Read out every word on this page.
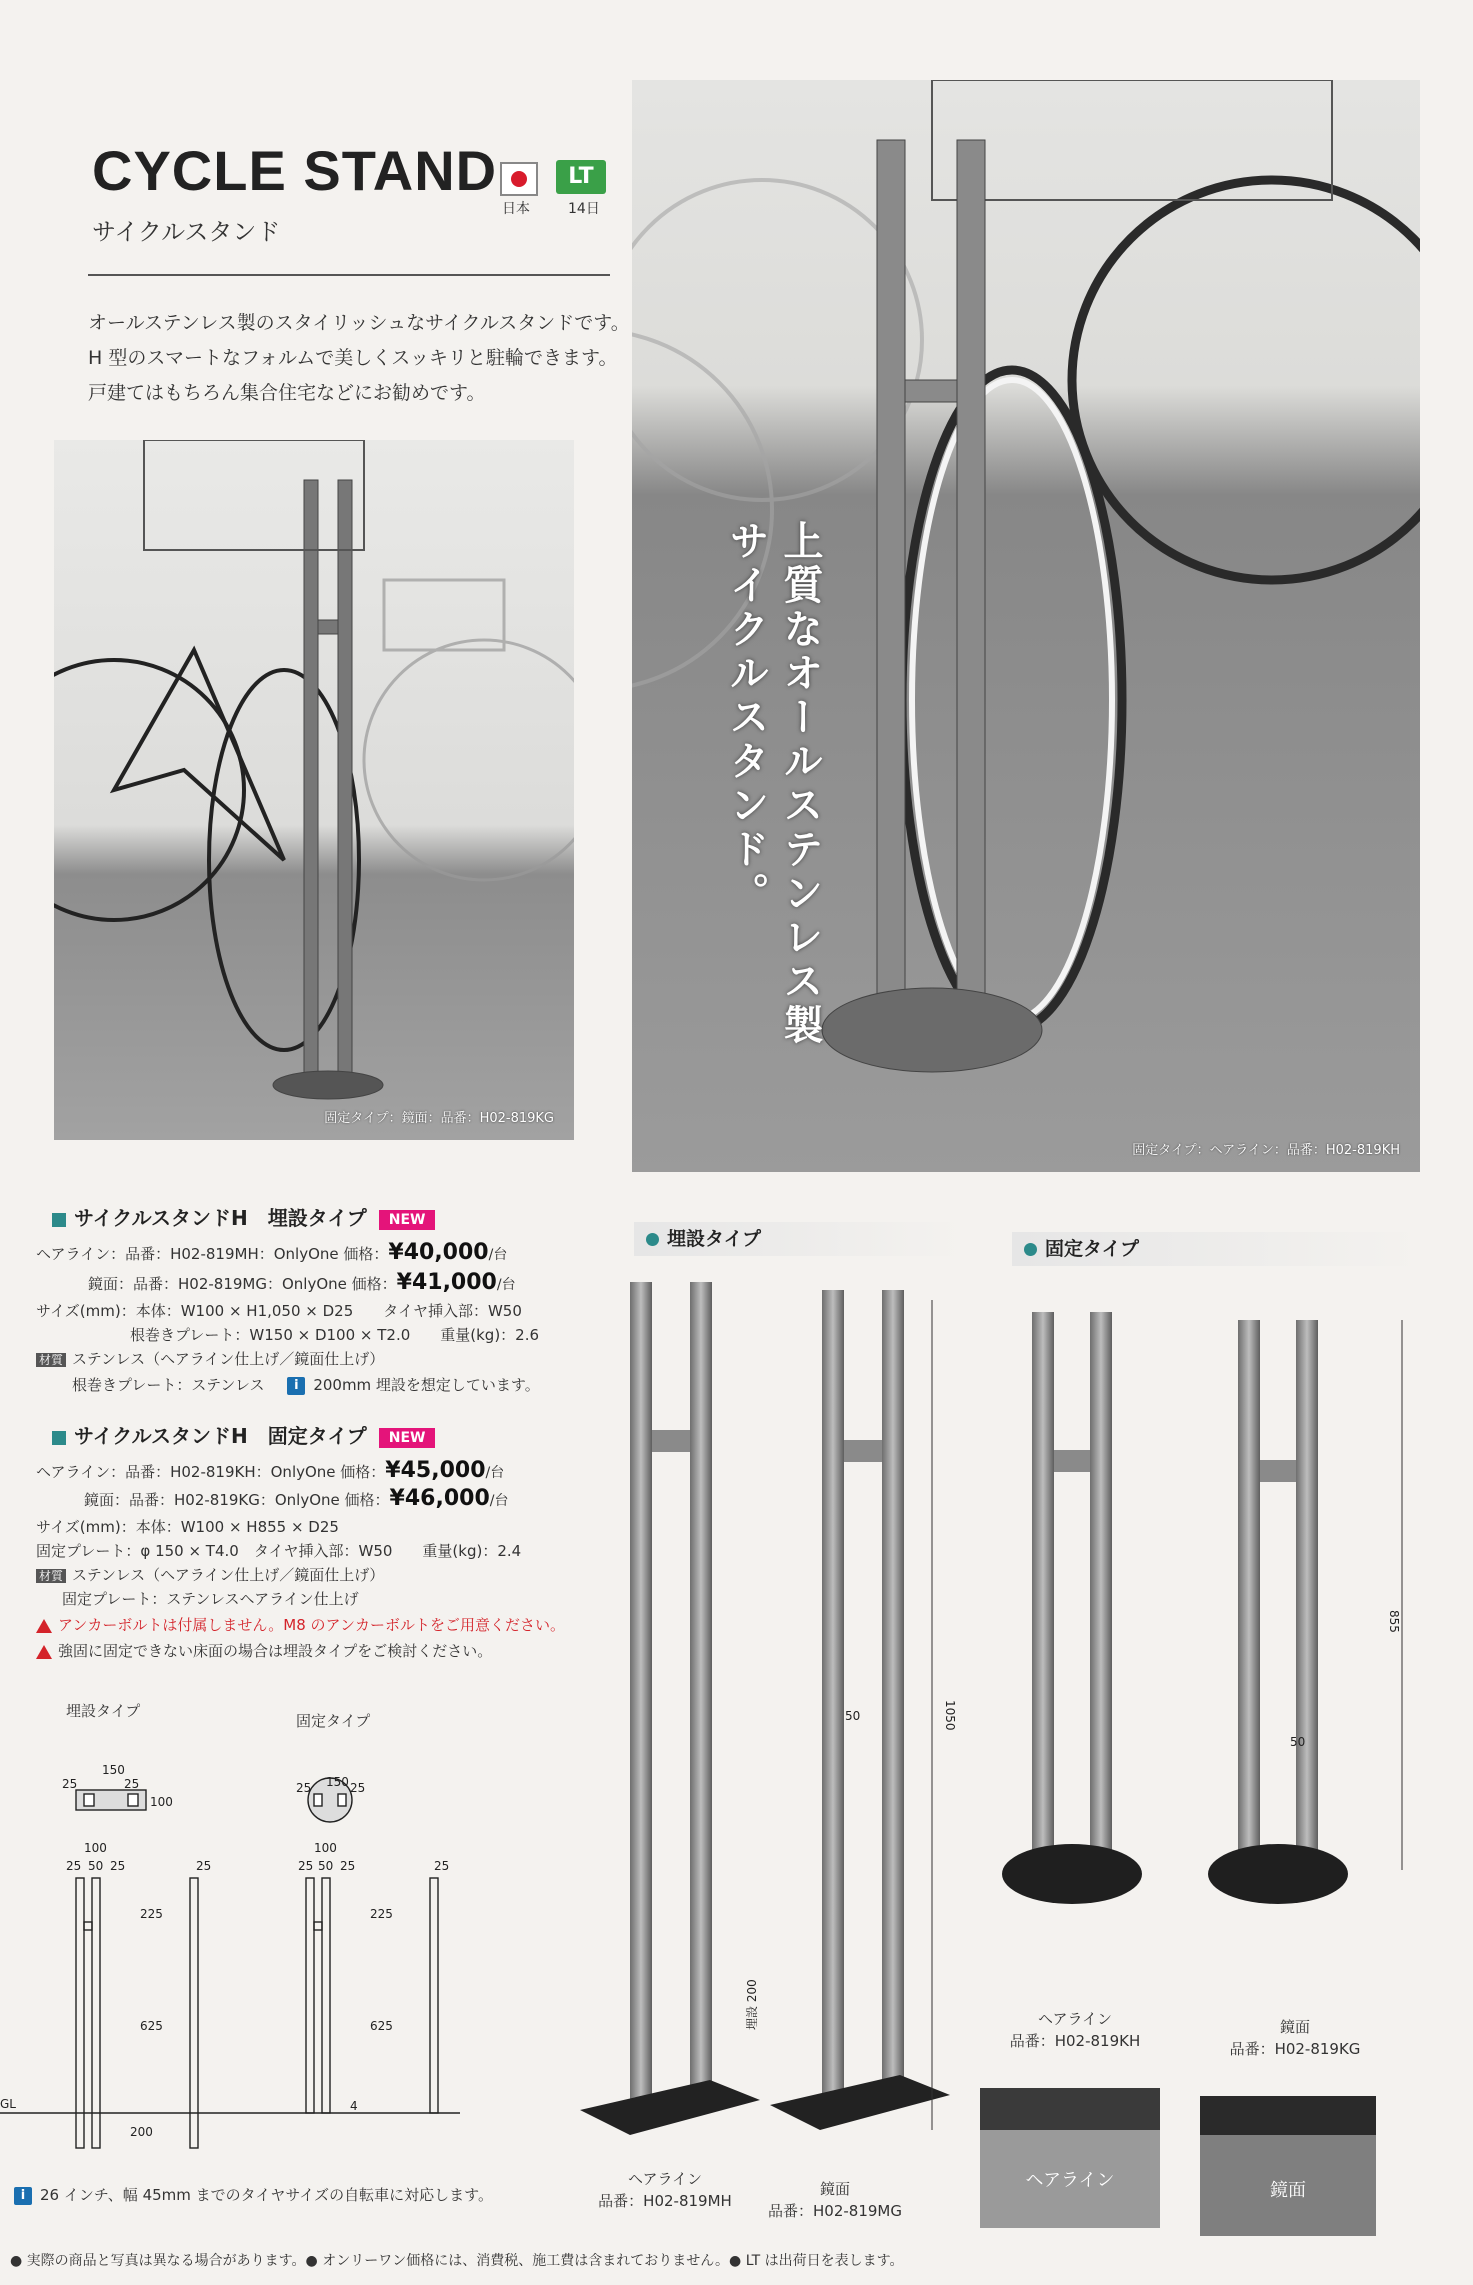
CYCLE STAND
日本
LT
14日
サイクルスタンド
オールステンレス製のスタイリッシュなサイクルスタンドです。
H 型のスマートなフォルムで美しくスッキリと駐輪できます。
戸建てはもちろん集合住宅などにお勧めです。
固定タイプ：鏡面：品番：H02-819KG
上質なオールステンレス製
サイクルスタンド。
固定タイプ：ヘアライン：品番：H02-819KH
サイクルスタンドH　埋設タイプ NEW
ヘアライン：品番：H02-819MH：OnlyOne 価格：¥40,000/台
鏡面：品番：H02-819MG：OnlyOne 価格：¥41,000/台
サイズ(mm)：本体：W100 × H1,050 × D25　　タイヤ挿入部：W50
根巻きプレート：W150 × D100 × T2.0　　重量(kg)：2.6
材質 ステンレス（ヘアライン仕上げ／鏡面仕上げ）
根巻きプレート：ステンレス i 200mm 埋設を想定しています。
サイクルスタンドH　固定タイプ NEW
ヘアライン：品番：H02-819KH：OnlyOne 価格：¥45,000/台
鏡面：品番：H02-819KG：OnlyOne 価格：¥46,000/台
サイズ(mm)：本体：W100 × H855 × D25
固定プレート：φ 150 × T4.0　タイヤ挿入部：W50　　重量(kg)：2.4
材質 ステンレス（ヘアライン仕上げ／鏡面仕上げ）
固定プレート：ステンレスヘアライン仕上げ
アンカーボルトは付属しません。M8 のアンカーボルトをご用意ください。
強固に固定できない床面の場合は埋設タイプをご検討ください。
埋設タイプ
固定タイプ
150
150
25	25	25	25
100
100	100
25 50 25	25	25 50 25	25
225
625
200
225
625
4
GL
埋設タイプ	固定タイプ
1050
50
埋設 200
855
50
ヘアライン
品番：H02-819MH
鏡面
品番：H02-819MG
ヘアライン
品番：H02-819KH
鏡面
品番：H02-819KG
ヘアライン	鏡面
i 26 インチ、幅 45mm までのタイヤサイズの自転車に対応します。
● 実際の商品と写真は異なる場合があります。● オンリーワン価格には、消費税、施工費は含まれておりません。● LT は出荷日を表します。
